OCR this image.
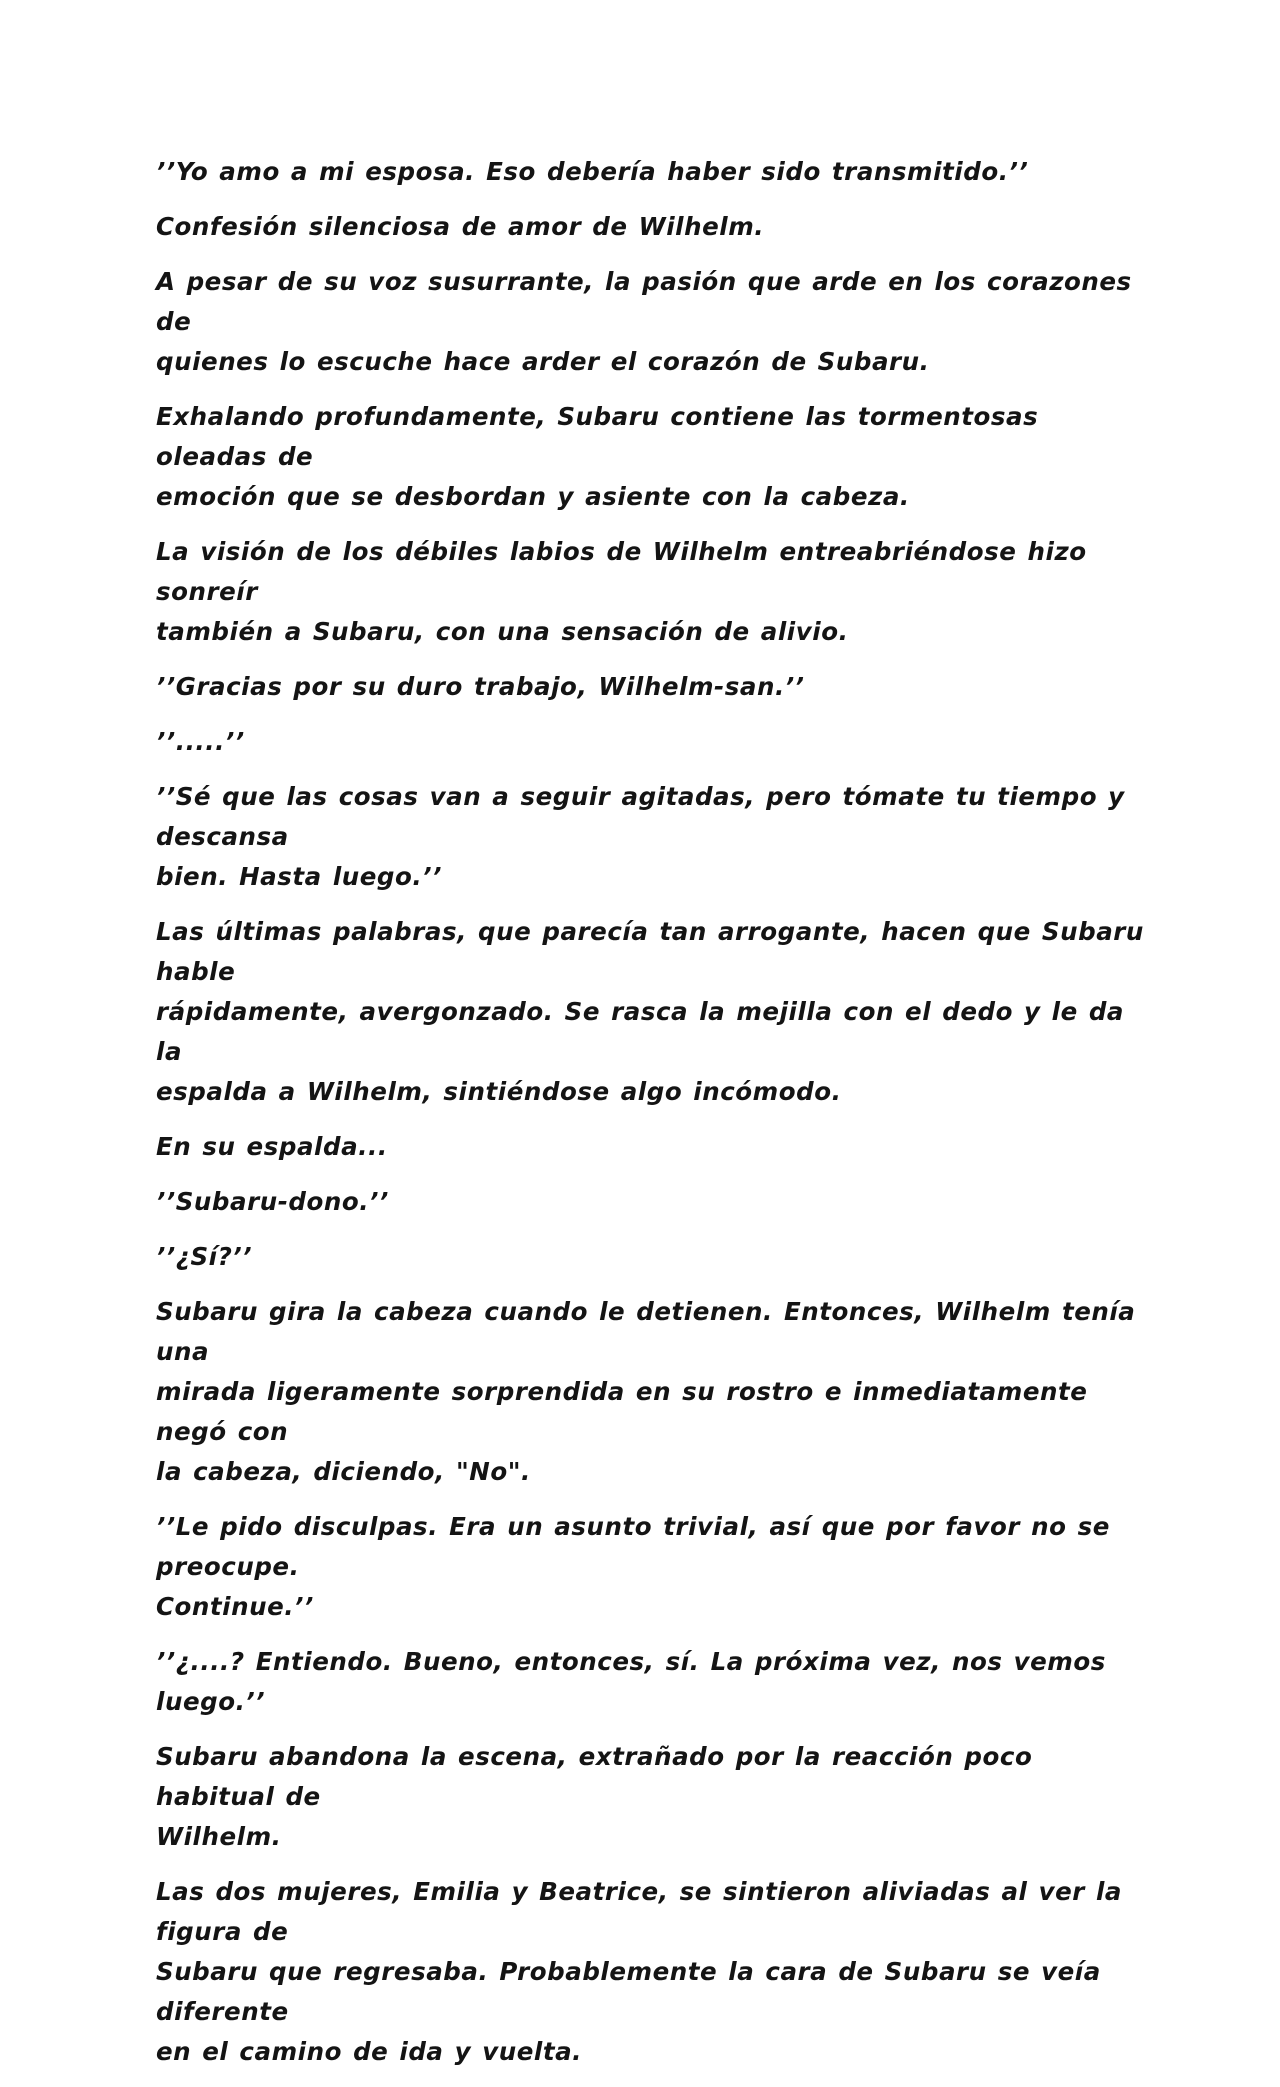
’’Yo amo a mi esposa. Eso debería haber sido transmitido.’’

Confesión silenciosa de amor de Wilhelm.

A pesar de su voz susurrante, la pasión que arde en los corazones de
quienes lo escuche hace arder el corazón de Subaru.

Exhalando profundamente, Subaru contiene las tormentosas oleadas de
emoción que se desbordan y asiente con la cabeza.

La visión de los débiles labios de Wilhelm entreabriéndose hizo sonreír
también a Subaru, con una sensación de alivio.

’’Gracias por su duro trabajo, Wilhelm-san.’’

’’.....’’

’’Sé que las cosas van a seguir agitadas, pero tómate tu tiempo y descansa
bien. Hasta luego.’’

Las últimas palabras, que parecía tan arrogante, hacen que Subaru hable
rápidamente, avergonzado. Se rasca la mejilla con el dedo y le da la
espalda a Wilhelm, sintiéndose algo incómodo.

En su espalda...

’’Subaru-dono.’’

’’¿Sí?’’

Subaru gira la cabeza cuando le detienen. Entonces, Wilhelm tenía una
mirada ligeramente sorprendida en su rostro e inmediatamente negó con
la cabeza, diciendo, "No".

’’Le pido disculpas. Era un asunto trivial, así que por favor no se preocupe.
Continue.’’

’’¿....? Entiendo. Bueno, entonces, sí. La próxima vez, nos vemos luego.’’

Subaru abandona la escena, extrañado por la reacción poco habitual de
Wilhelm.

Las dos mujeres, Emilia y Beatrice, se sintieron aliviadas al ver la figura de
Subaru que regresaba. Probablemente la cara de Subaru se veía diferente
en el camino de ida y vuelta.
